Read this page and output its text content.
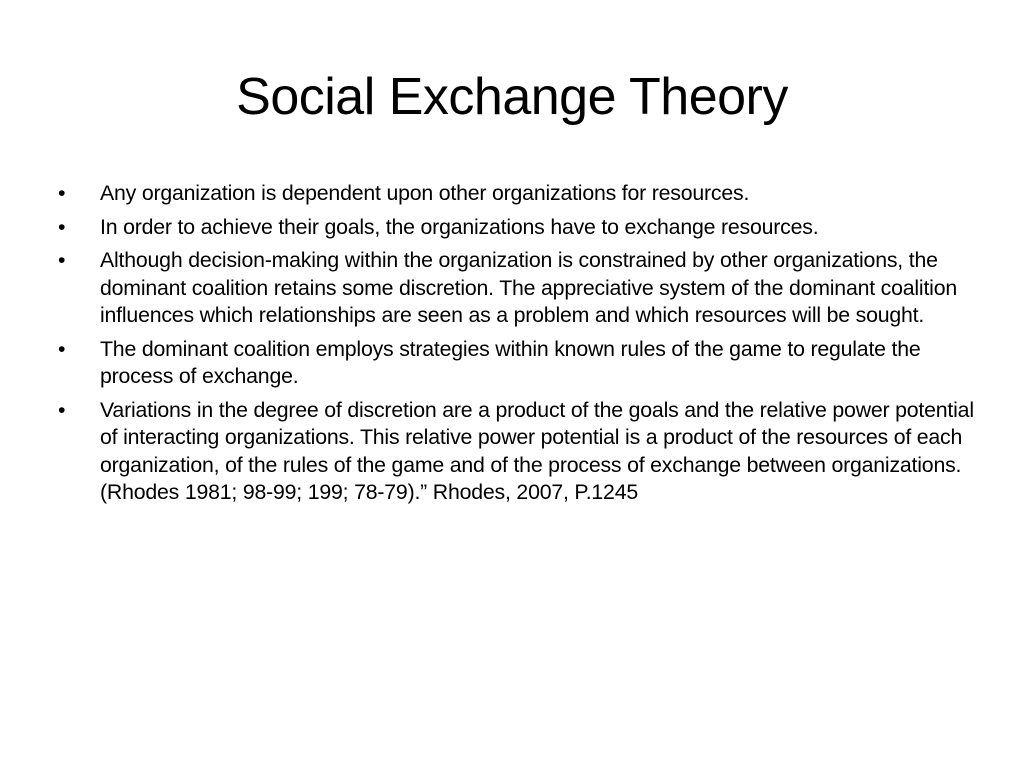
Social Exchange Theory
•	Any organization is dependent upon other organizations for resources.
•	In order to achieve their goals, the organizations have to exchange resources.
•	Although decision-making within the organization is constrained by other organizations, the dominant coalition retains some discretion. The appreciative system of the dominant coalition influences which relationships are seen as a problem and which resources will be sought.
•	The dominant coalition employs strategies within known rules of the game to regulate the process of exchange.
•	Variations in the degree of discretion are a product of the goals and the relative power potential of interacting organizations. This relative power potential is a product of the resources of each organization, of the rules of the game and of the process of exchange between organizations. (Rhodes 1981; 98-99; 199; 78-79).” Rhodes, 2007, P.1245
